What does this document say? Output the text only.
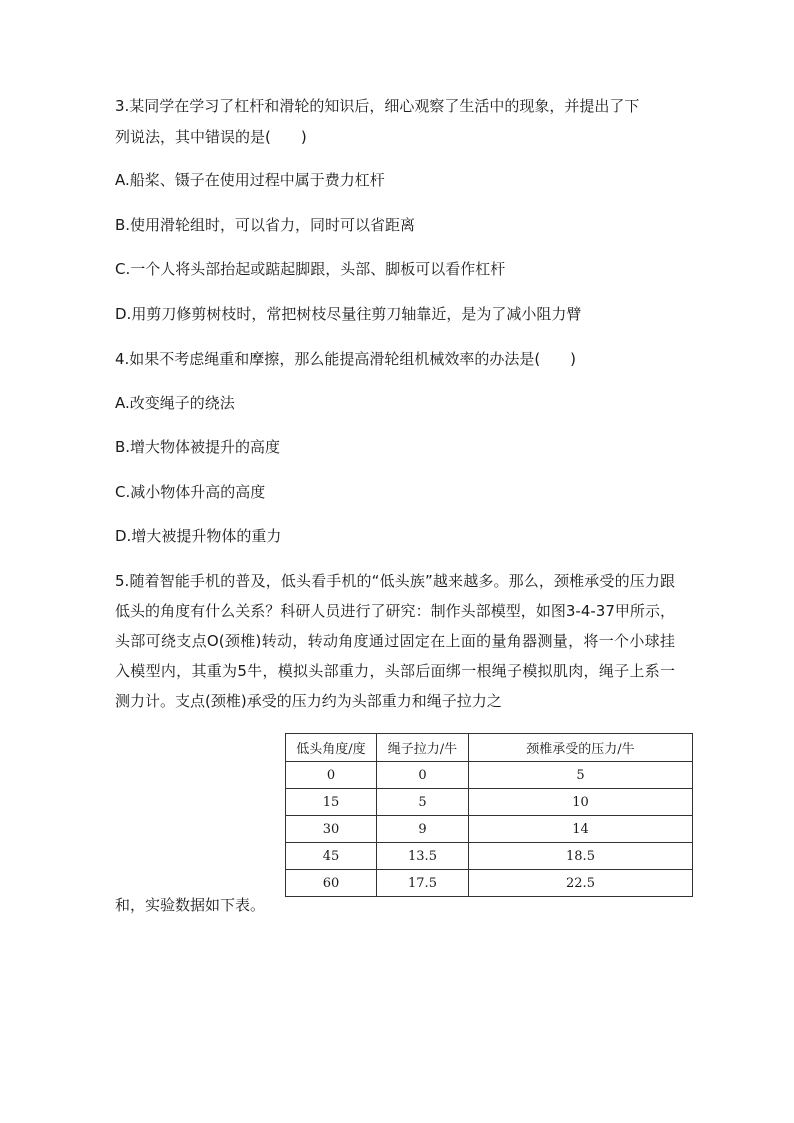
3.某同学在学习了杠杆和滑轮的知识后，细心观察了生活中的现象，并提出了下
列说法，其中错误的是(　　)
A.船桨、镊子在使用过程中属于费力杠杆
B.使用滑轮组时，可以省力，同时可以省距离
C.一个人将头部抬起或踮起脚跟，头部、脚板可以看作杠杆
D.用剪刀修剪树枝时，常把树枝尽量往剪刀轴靠近，是为了减小阻力臂
4.如果不考虑绳重和摩擦，那么能提高滑轮组机械效率的办法是(　　)
A.改变绳子的绕法
B.增大物体被提升的高度
C.减小物体升高的高度
D.增大被提升物体的重力
5.随着智能手机的普及，低头看手机的“低头族”越来越多。那么，颈椎承受的压力跟低头的角度有什么关系？科研人员进行了研究：制作头部模型，如图3-4-37甲所示，头部可绕支点O(颈椎)转动，转动角度通过固定在上面的量角器测量，将一个小球挂入模型内，其重为5牛，模拟头部重力，头部后面绑一根绳子模拟肌肉，绳子上系一测力计。支点(颈椎)承受的压力约为头部重力和绳子拉力之
低头角度/度	绳子拉力/牛	颈椎承受的压力/牛
0	0	5
15	5	10
30	9	14
45	13.5	18.5
60	17.5	22.5
和，实验数据如下表。
